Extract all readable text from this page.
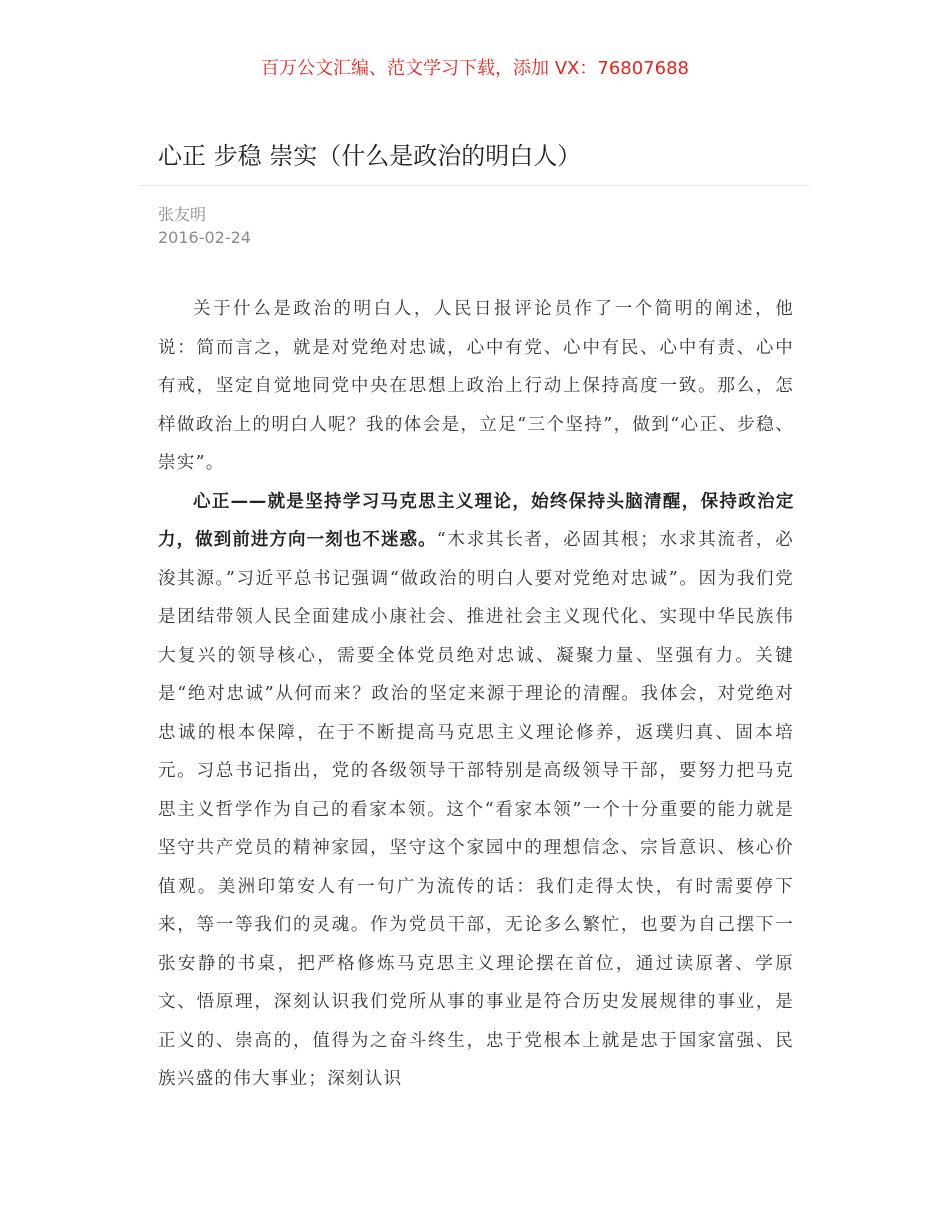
百万公文汇编、范文学习下载，添加 VX：76807688
心正 步稳 崇实（什么是政治的明白人）
张友明
2016-02-24

关于什么是政治的明白人，人民日报评论员作了一个简明的阐述，他说：简而言之，就是对党绝对忠诚，心中有党、心中有民、心中有责、心中有戒，坚定自觉地同党中央在思想上政治上行动上保持高度一致。那么，怎样做政治上的明白人呢？我的体会是，立足“三个坚持”，做到“心正、步稳、崇实”。

心正——就是坚持学习马克思主义理论，始终保持头脑清醒，保持政治定力，做到前进方向一刻也不迷惑。“木求其长者，必固其根；水求其流者，必浚其源。”习近平总书记强调“做政治的明白人要对党绝对忠诚”。因为我们党是团结带领人民全面建成小康社会、推进社会主义现代化、实现中华民族伟大复兴的领导核心，需要全体党员绝对忠诚、凝聚力量、坚强有力。关键是“绝对忠诚”从何而来？政治的坚定来源于理论的清醒。我体会，对党绝对忠诚的根本保障，在于不断提高马克思主义理论修养，返璞归真、固本培元。习总书记指出，党的各级领导干部特别是高级领导干部，要努力把马克思主义哲学作为自己的看家本领。这个“看家本领”一个十分重要的能力就是坚守共产党员的精神家园，坚守这个家园中的理想信念、宗旨意识、核心价值观。美洲印第安人有一句广为流传的话：我们走得太快，有时需要停下来，等一等我们的灵魂。作为党员干部，无论多么繁忙，也要为自己摆下一张安静的书桌，把严格修炼马克思主义理论摆在首位，通过读原著、学原文、悟原理，深刻认识我们党所从事的事业是符合历史发展规律的事业，是正义的、崇高的，值得为之奋斗终生，忠于党根本上就是忠于国家富强、民族兴盛的伟大事业；深刻认识
